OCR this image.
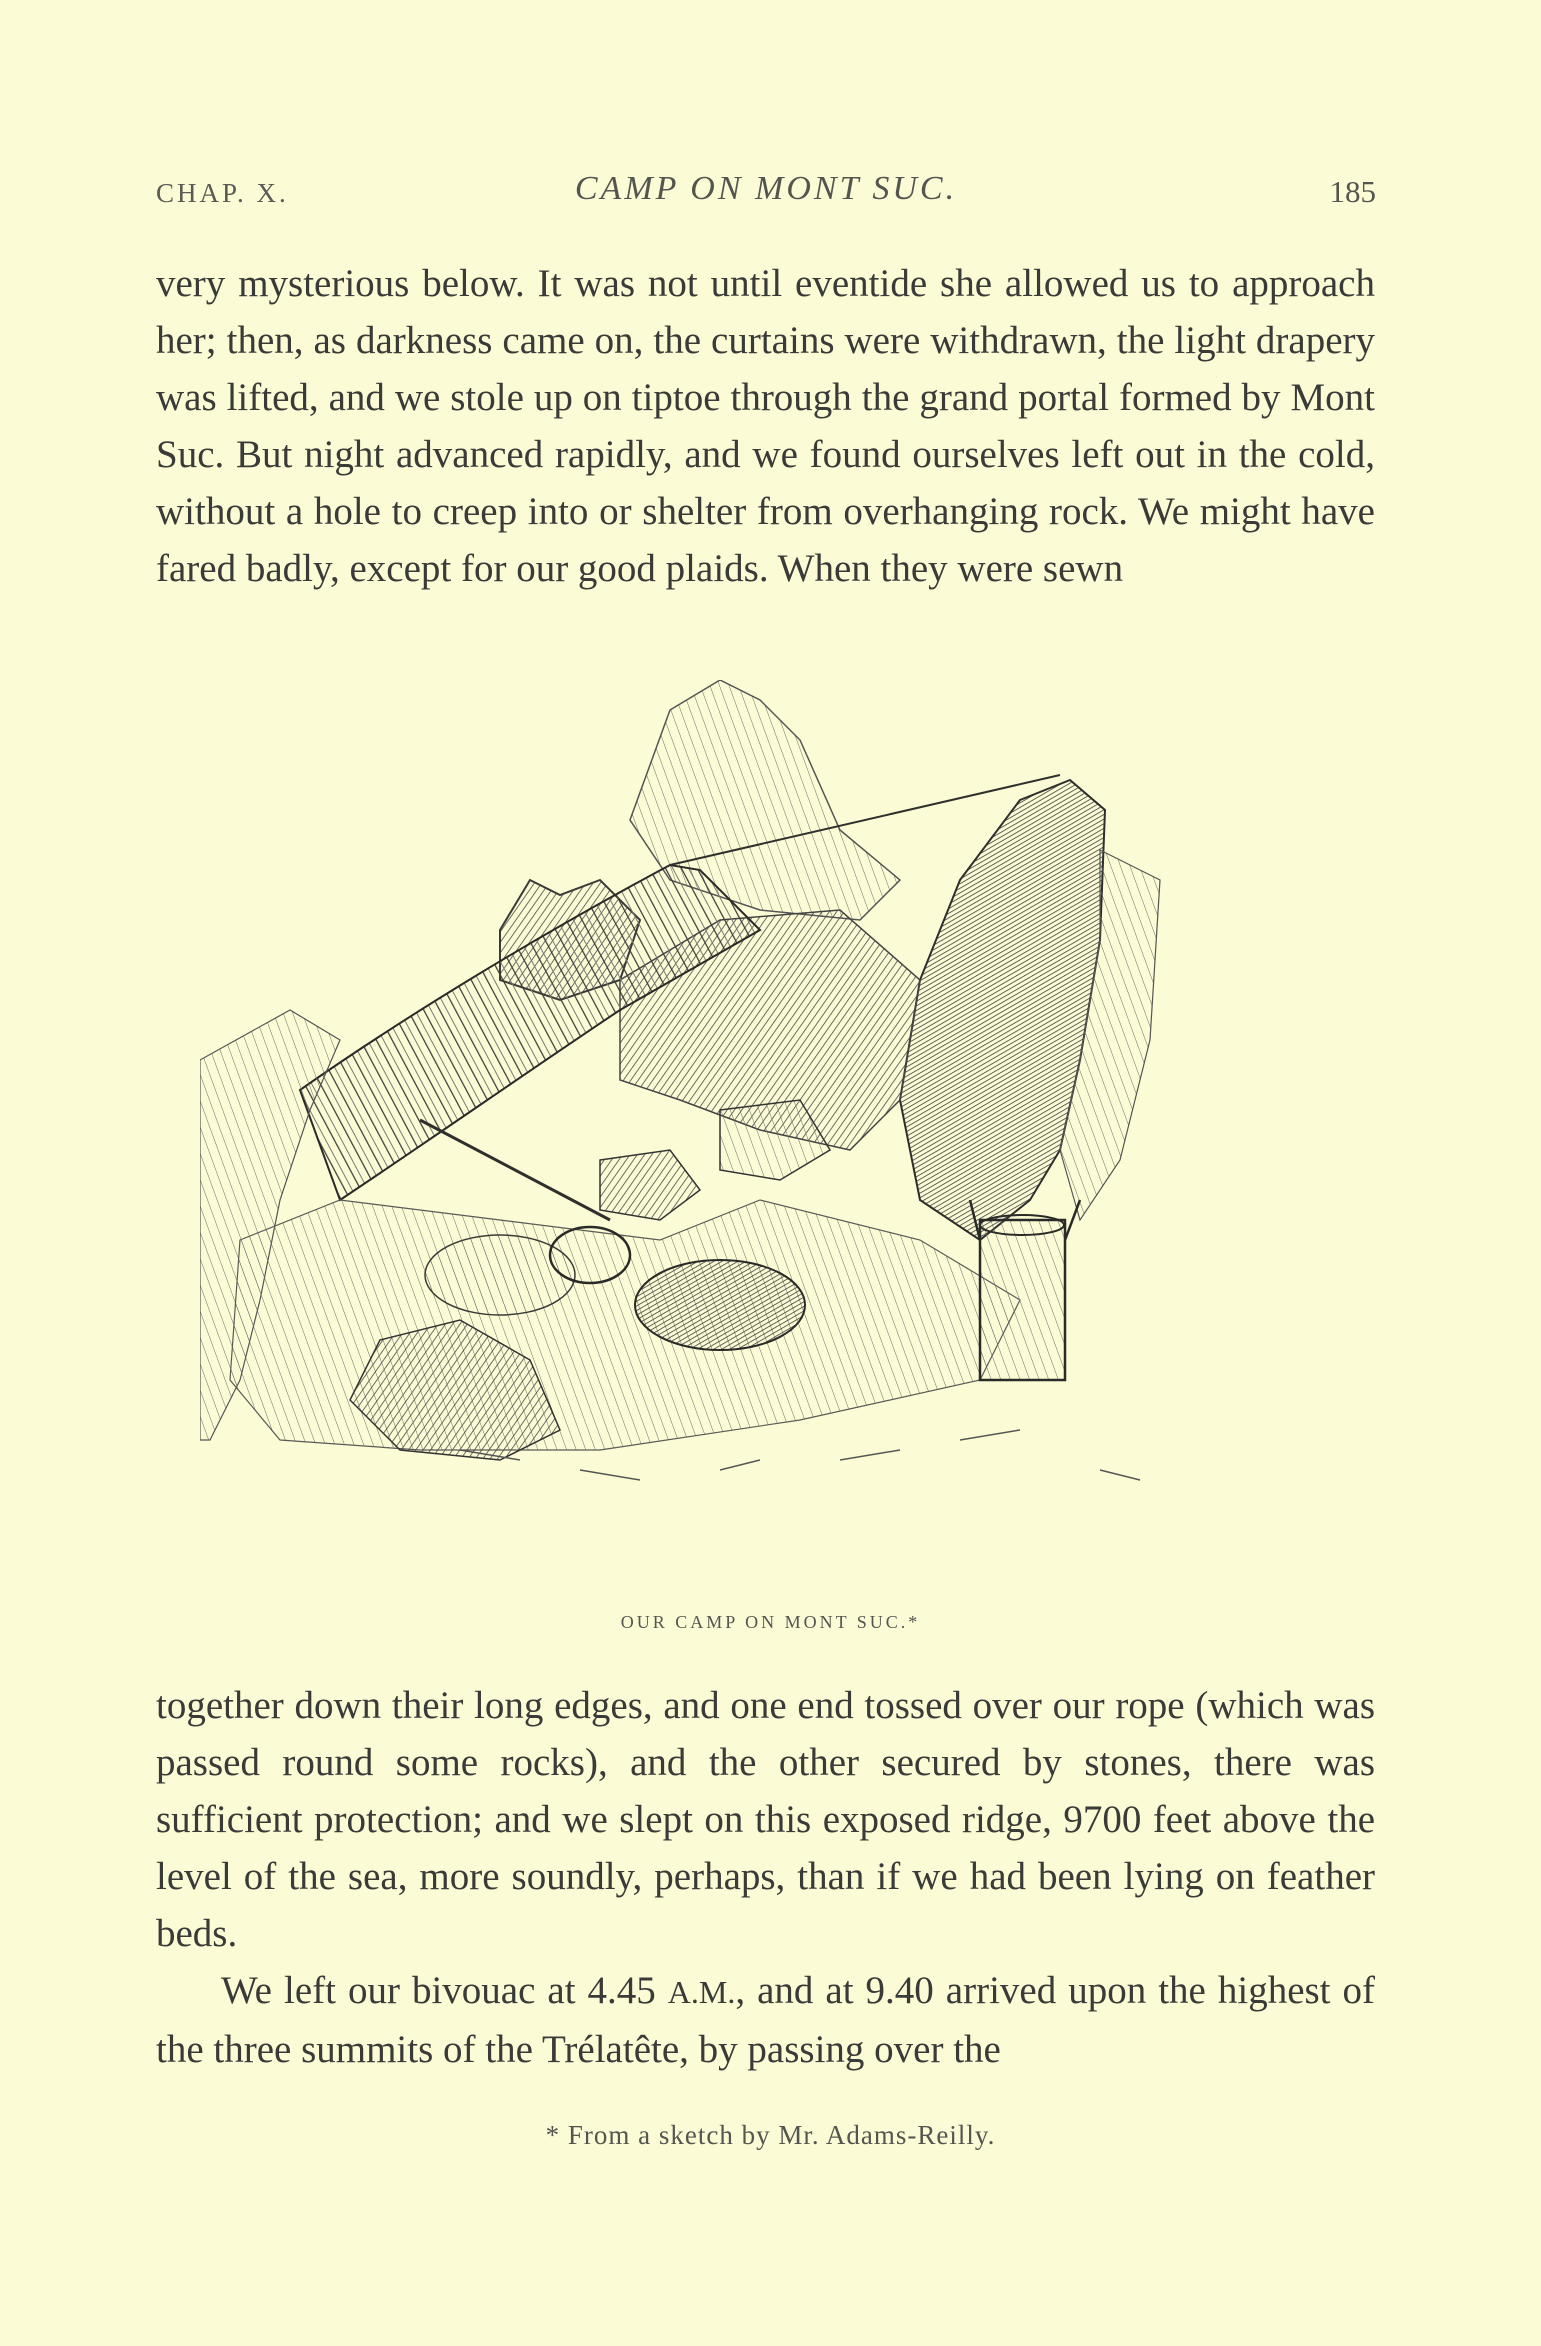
CHAP. X.	CAMP ON MONT SUC.	185

very mysterious below. It was not until eventide she allowed us to approach her; then, as darkness came on, the curtains were withdrawn, the light drapery was lifted, and we stole up on tiptoe through the grand portal formed by Mont Suc. But night advanced rapidly, and we found ourselves left out in the cold, without a hole to creep into or shelter from overhanging rock. We might have fared badly, except for our good plaids. When they were sewn

OUR CAMP ON MONT SUC.*

together down their long edges, and one end tossed over our rope (which was passed round some rocks), and the other secured by stones, there was sufficient protection; and we slept on this exposed ridge, 9700 feet above the level of the sea, more soundly, perhaps, than if we had been lying on feather beds.

We left our bivouac at 4.45 A.M., and at 9.40 arrived upon the highest of the three summits of the Trélatête, by passing over the

* From a sketch by Mr. Adams-Reilly.
